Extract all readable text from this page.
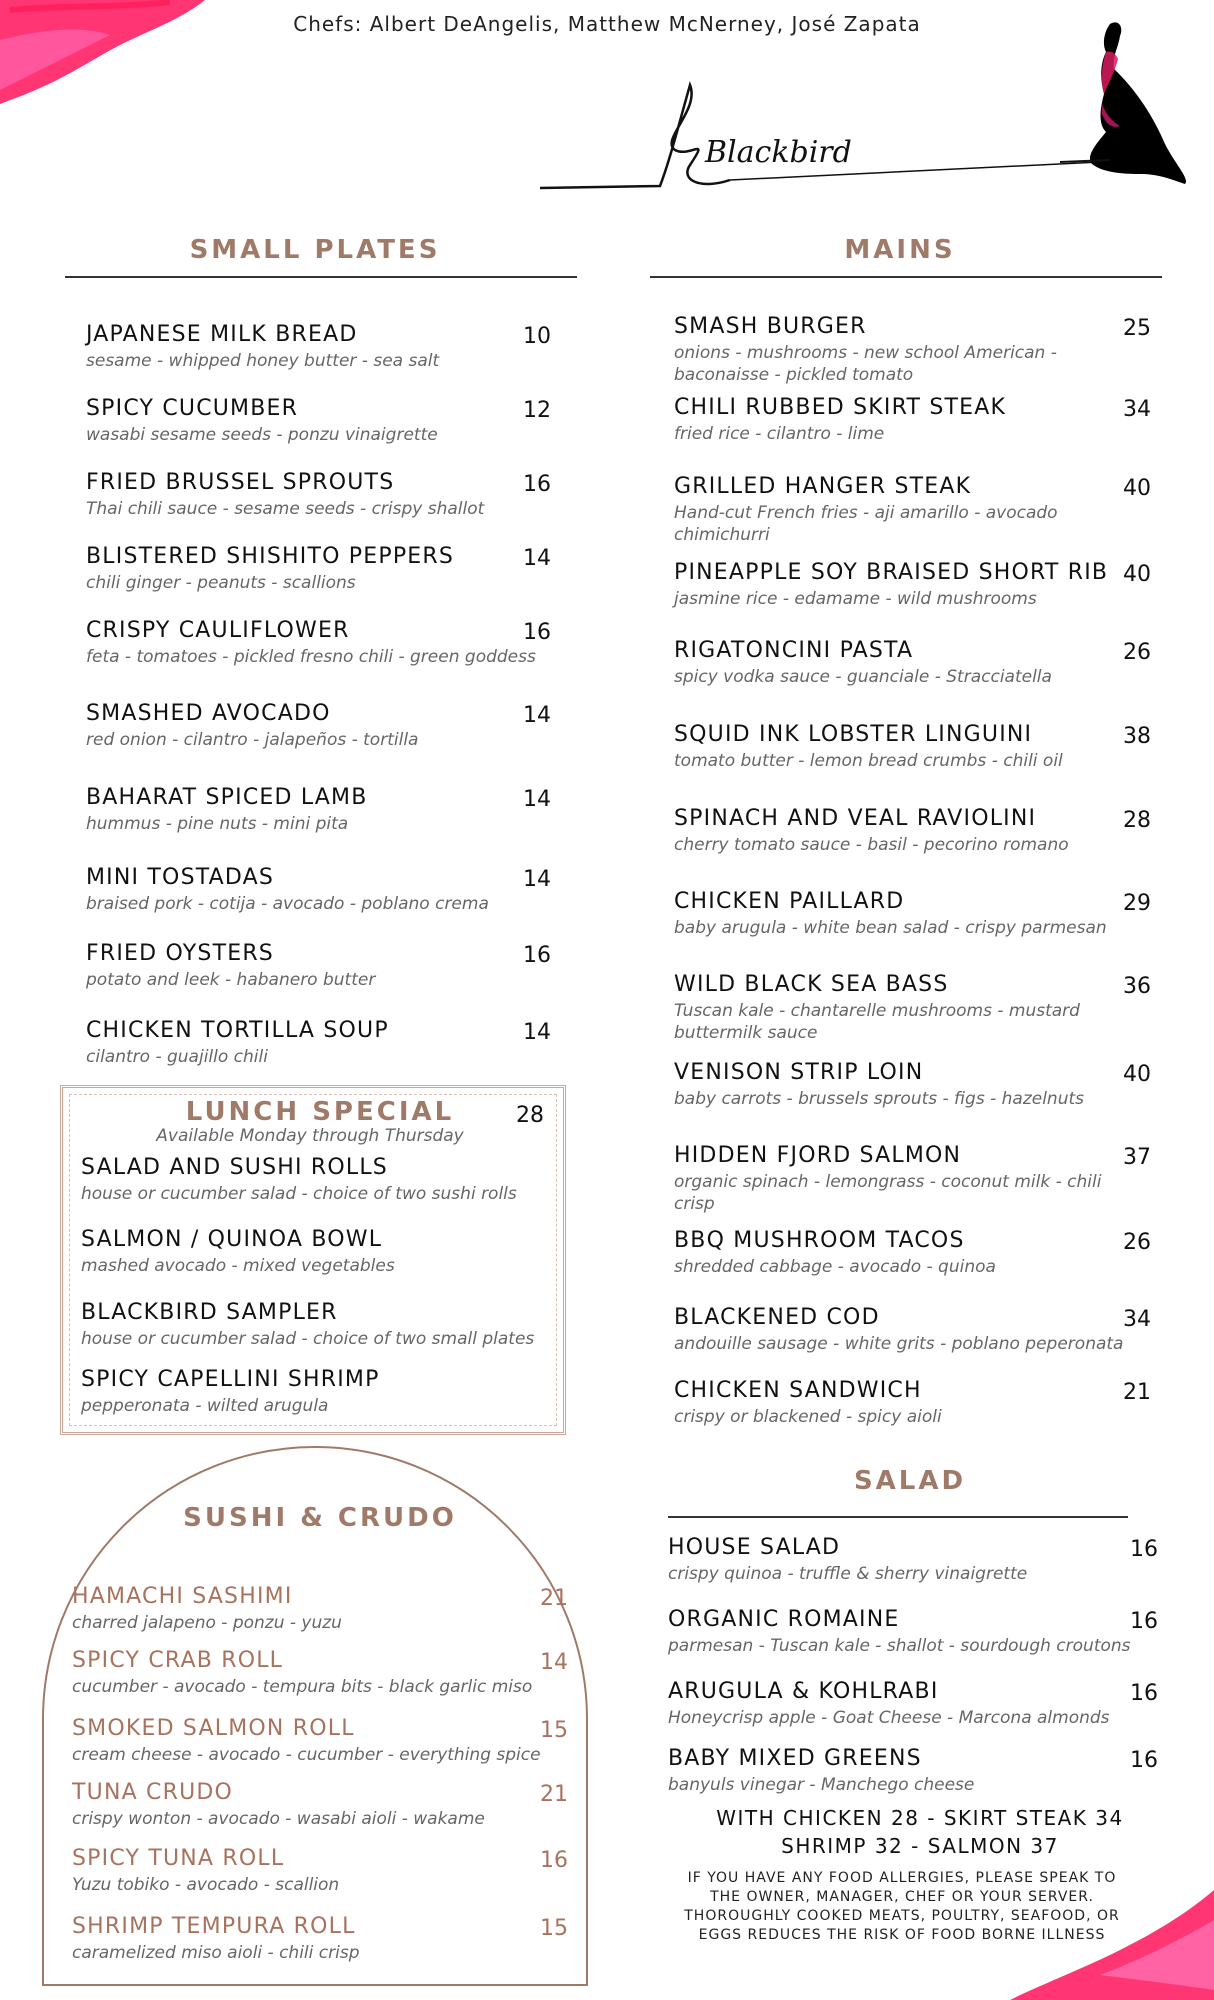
Chefs: Albert DeAngelis, Matthew McNerney, José Zapata
Blackbird
SMALL PLATES
JAPANESE MILK BREAD
sesame - whipped honey butter - sea salt
10
SPICY CUCUMBER
wasabi sesame seeds - ponzu vinaigrette
12
FRIED BRUSSEL SPROUTS
Thai chili sauce - sesame seeds - crispy shallot
16
BLISTERED SHISHITO PEPPERS
chili ginger - peanuts - scallions
14
CRISPY CAULIFLOWER
feta - tomatoes - pickled fresno chili - green goddess
16
SMASHED AVOCADO
red onion - cilantro - jalapeños - tortilla
14
BAHARAT SPICED LAMB
hummus - pine nuts - mini pita
14
MINI TOSTADAS
braised pork - cotija - avocado - poblano crema
14
FRIED OYSTERS
potato and leek - habanero butter
16
CHICKEN TORTILLA SOUP
cilantro - guajillo chili
14
LUNCH SPECIAL	28
Available Monday through Thursday
SALAD AND SUSHI ROLLS
house or cucumber salad - choice of two sushi rolls
SALMON / QUINOA BOWL
mashed avocado - mixed vegetables
BLACKBIRD SAMPLER
house or cucumber salad - choice of two small plates
SPICY CAPELLINI SHRIMP
pepperonata - wilted arugula
SUSHI & CRUDO
HAMACHI SASHIMI
charred jalapeno - ponzu - yuzu
21
SPICY CRAB ROLL
cucumber - avocado - tempura bits - black garlic miso
14
SMOKED SALMON ROLL
cream cheese - avocado - cucumber - everything spice
15
TUNA CRUDO
crispy wonton - avocado - wasabi aioli - wakame
21
SPICY TUNA ROLL
Yuzu tobiko - avocado - scallion
16
SHRIMP TEMPURA ROLL
caramelized miso aioli - chili crisp
15
MAINS
SMASH BURGER
onions - mushrooms - new school American - baconaisse - pickled tomato
25
CHILI RUBBED SKIRT STEAK
fried rice - cilantro - lime
34
GRILLED HANGER STEAK
Hand-cut French fries - aji amarillo - avocado chimichurri
40
PINEAPPLE SOY BRAISED SHORT RIB
jasmine rice - edamame - wild mushrooms
40
RIGATONCINI PASTA
spicy vodka sauce - guanciale - Stracciatella
26
SQUID INK LOBSTER LINGUINI
tomato butter - lemon bread crumbs - chili oil
38
SPINACH AND VEAL RAVIOLINI
cherry tomato sauce - basil - pecorino romano
28
CHICKEN PAILLARD
baby arugula - white bean salad - crispy parmesan
29
WILD BLACK SEA BASS
Tuscan kale - chantarelle mushrooms - mustard buttermilk sauce
36
VENISON STRIP LOIN
baby carrots - brussels sprouts - figs - hazelnuts
40
HIDDEN FJORD SALMON
organic spinach - lemongrass - coconut milk - chili crisp
37
BBQ MUSHROOM TACOS
shredded cabbage - avocado - quinoa
26
BLACKENED COD
andouille sausage - white grits - poblano peperonata
34
CHICKEN SANDWICH
crispy or blackened - spicy aioli
21
SALAD
HOUSE SALAD
crispy quinoa - truffle & sherry vinaigrette
16
ORGANIC ROMAINE
parmesan - Tuscan kale - shallot - sourdough croutons
16
ARUGULA & KOHLRABI
Honeycrisp apple - Goat Cheese - Marcona almonds
16
BABY MIXED GREENS
banyuls vinegar - Manchego cheese
16
WITH CHICKEN 28 - SKIRT STEAK 34
SHRIMP 32 - SALMON 37
IF YOU HAVE ANY FOOD ALLERGIES, PLEASE SPEAK TO THE OWNER, MANAGER, CHEF OR YOUR SERVER. THOROUGHLY COOKED MEATS, POULTRY, SEAFOOD, OR EGGS REDUCES THE RISK OF FOOD BORNE ILLNESS
